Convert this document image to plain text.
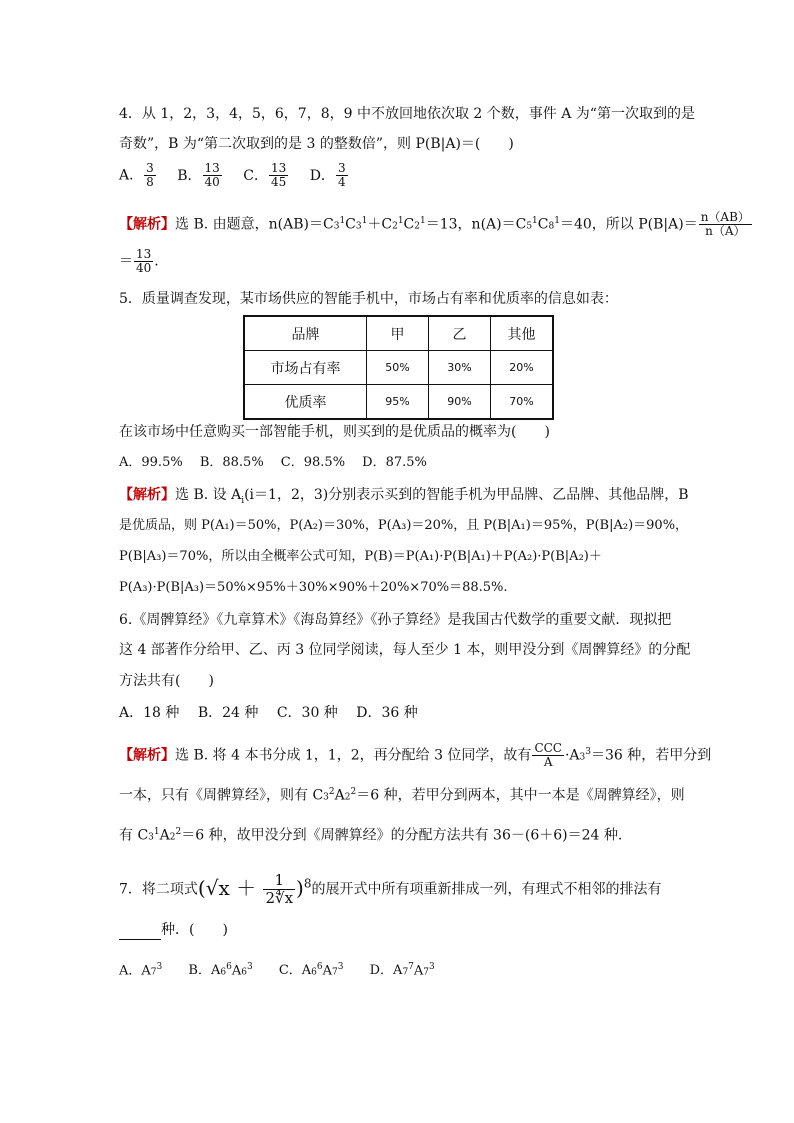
4．从 1，2，3，4，5，6，7，8，9 中不放回地依次取 2 个数，事件 A 为“第一次取到的是
奇数”，B 为“第二次取到的是 3 的整数倍”，则 P(B|A)＝(　　)
A． $\frac{3}{8}$ B． $\frac{13}{40}$ C． $\frac{13}{45}$ D． $\frac{3}{4}$
【解析】选 B. 由题意，$n(AB)=C3^1C3^1+C2^1C2^1=13$，$n(A)=C5^1C8^1=40$，所以 $P(B|A)= \frac{n(AB)}{n(A)}$
＝ $\frac{13}{40}$ .
5．质量调查发现，某市场供应的智能手机中，市场占有率和优质率的信息如表：
品牌	甲	乙	其他
市场占有率	50%	30%	20%
优质率	95%	90%	70%
在该市场中任意购买一部智能手机，则买到的是优质品的概率为(　　)
A．99.5%　 B．88.5%　 C．98.5%　 D．87.5%
【解析】选 B. 设 $A_i(i=1$，2，3)分别表示买到的智能手机为甲品牌、乙品牌、其他品牌，B
是优质品，则 P(A₁)＝50%，P(A₂)＝30%，P(A₃)＝20%，且 P(B|A₁)＝95%，P(B|A₂)＝90%，
P(B|A₃)＝70%，所以由全概率公式可知，P(B)＝P(A₁)·P(B|A₁)＋P(A₂)·P(B|A₂)＋
P(A₃)·P(B|A₃)＝50%×95%＋30%×90%＋20%×70%＝88.5%.
6.《周髀算经》《九章算术》《海岛算经》《孙子算经》是我国古代数学的重要文献．现拟把
这 4 部著作分给甲、乙、丙 3 位同学阅读，每人至少 1 本，则甲没分到《周髀算经》的分配
方法共有(　　)
A．18 种　 B．24 种　 C．30 种　 D．36 种
【解析】选 B. 将 4 本书分成 1，1，2，再分配给 3 位同学，故有 $\frac{\text{CCC}}{A} \cdot A3^3=36$ 种，若甲分到
一本，只有《周髀算经》，则有 $C3^2A2^2=6$ 种，若甲分到两本，其中一本是《周髀算经》，则
有 $C3^1A2^2=6$ 种，故甲没分到《周髀算经》的分配方法共有 36－(6＋6)＝24 种.
7．将二项式$(√x + \frac{1}{2∜x} )^8$的展开式中所有项重新排成一列，有理式不相邻的排法有
种．(　　)
A．$A7^3$ B．$A6^6A6^3$ C．$A6^6A7^3$ D．$A7^7A7^3$
